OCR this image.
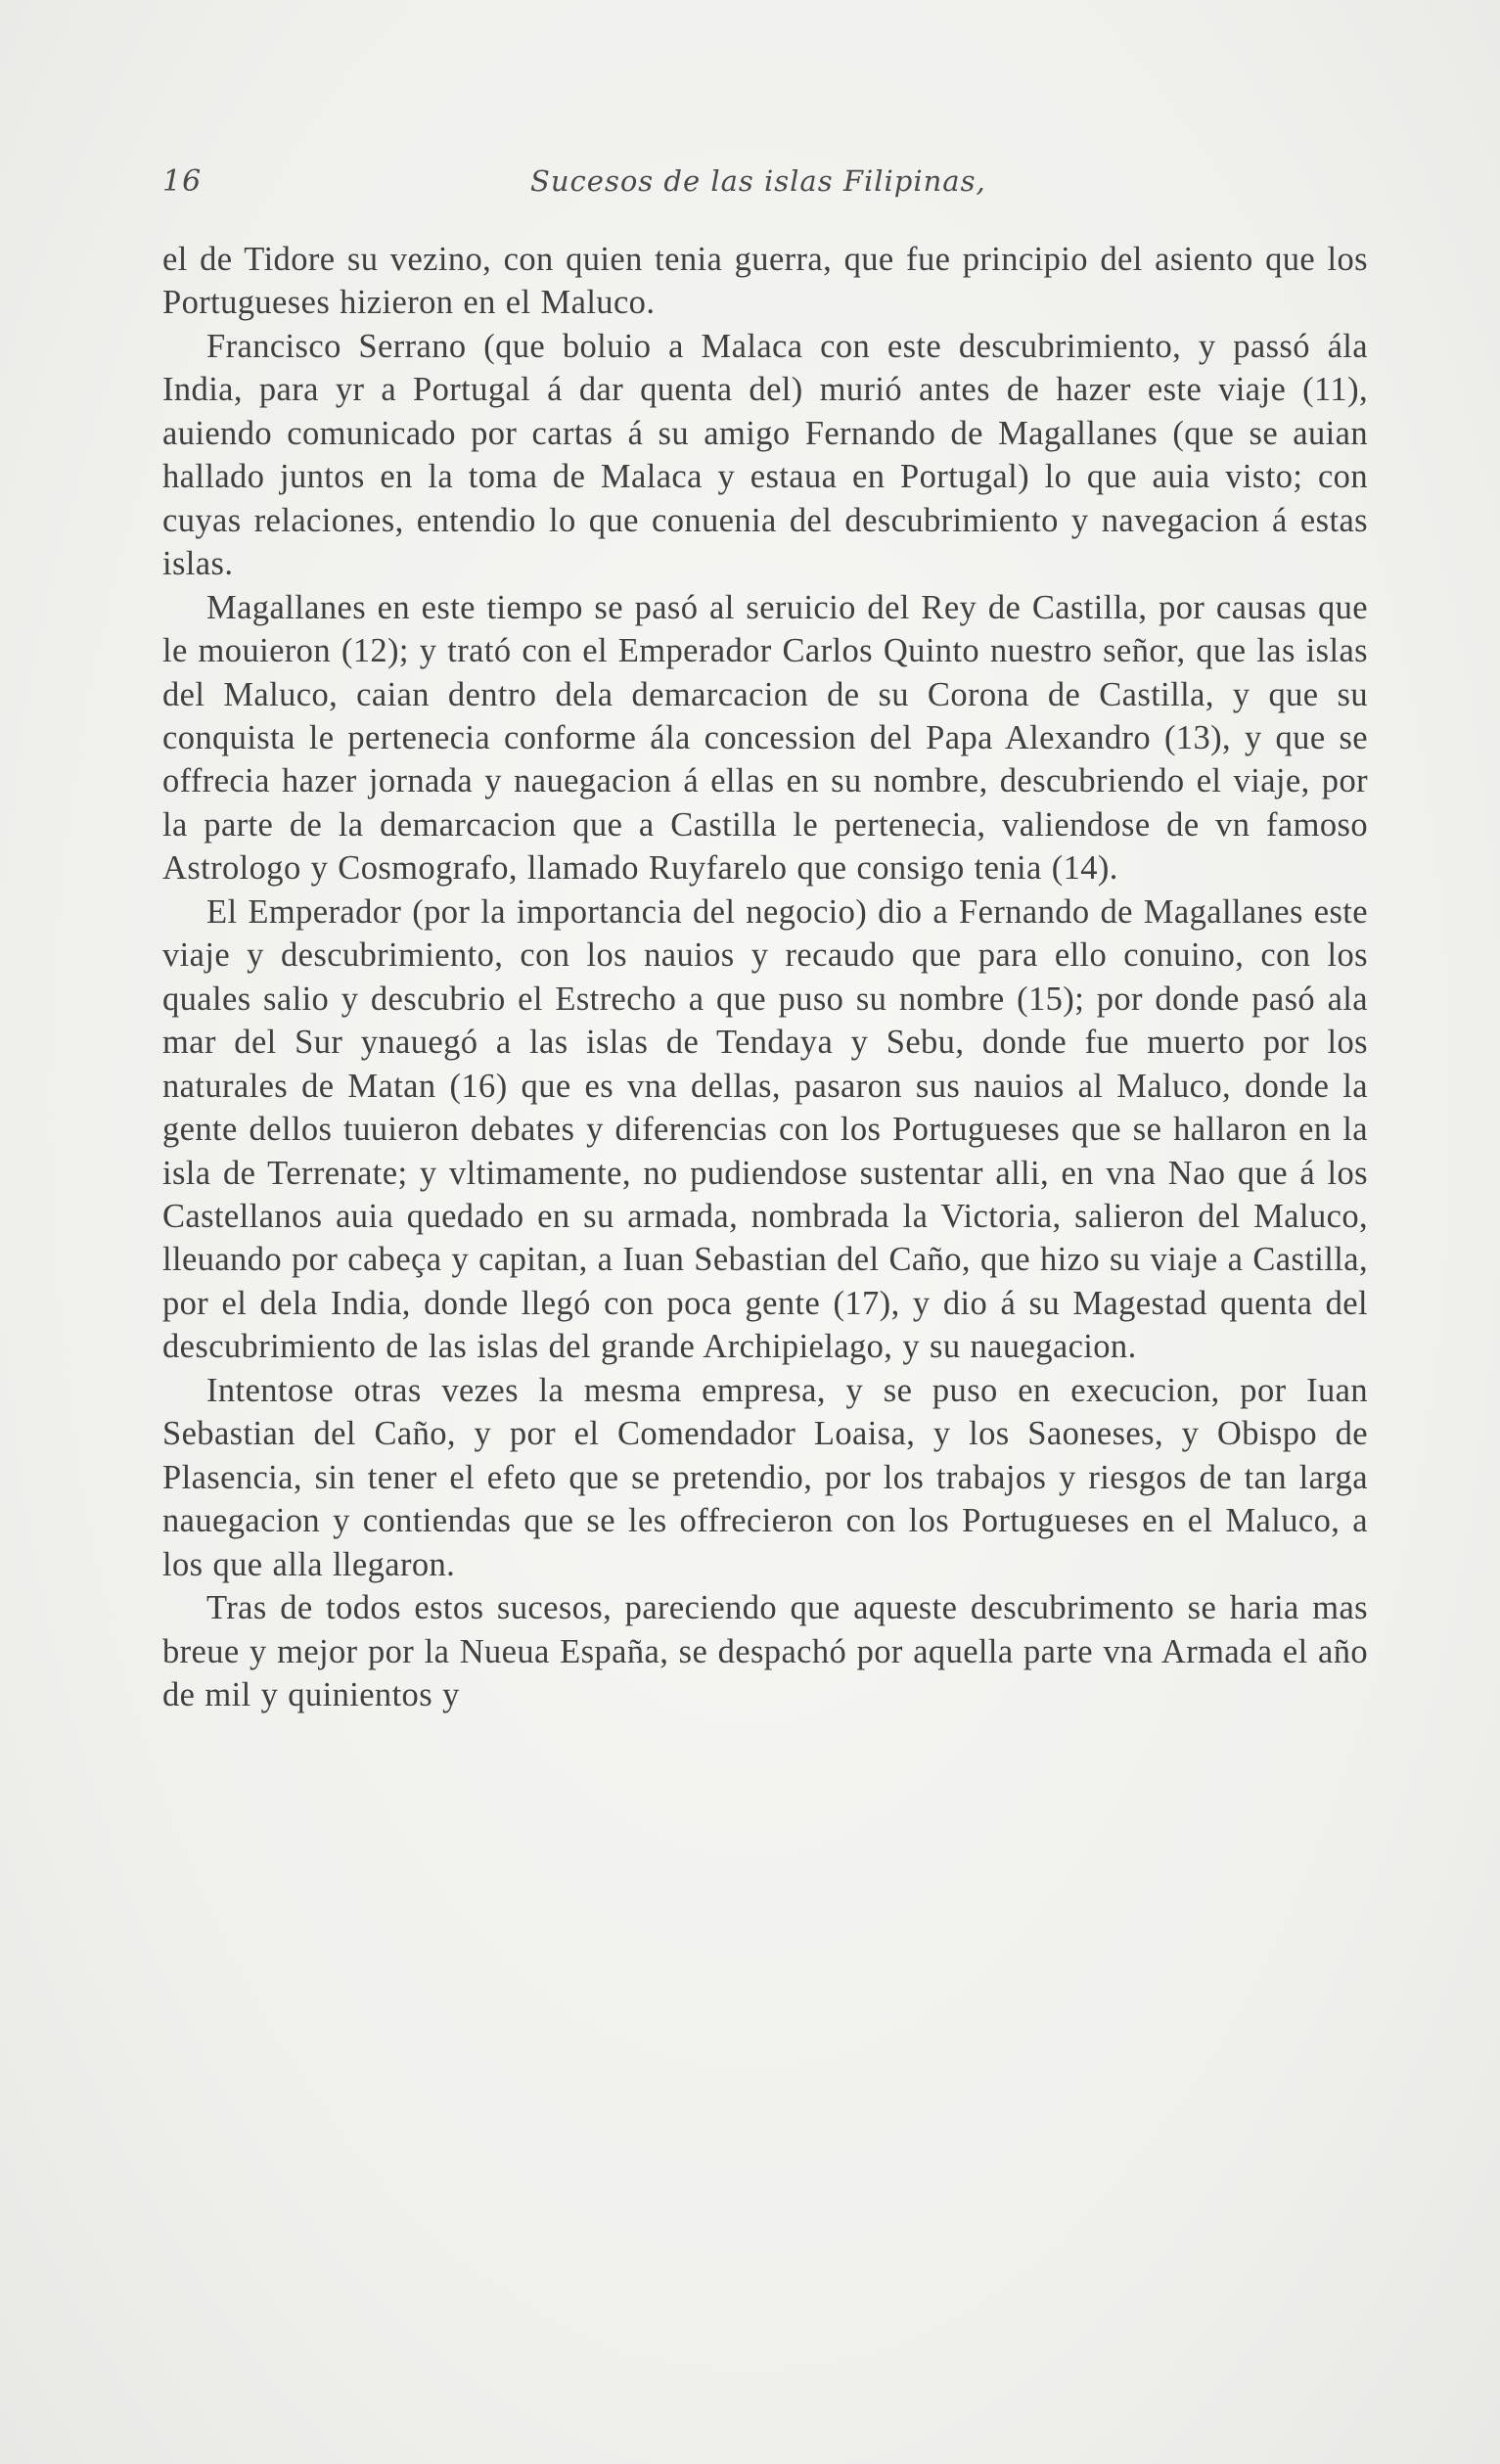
16	Sucesos de las islas Filipinas,

el de Tidore su vezino, con quien tenia guerra, que fue principio del asiento que los Portugueses hizieron en el Maluco.

Francisco Serrano (que boluio a Malaca con este descubrimiento, y passó ála India, para yr a Portugal á dar quenta del) murió antes de hazer este viaje (11), auiendo comunicado por cartas á su amigo Fernando de Magallanes (que se auian hallado juntos en la toma de Malaca y estaua en Portugal) lo que auia visto; con cuyas relaciones, entendio lo que conuenia del descubrimiento y navegacion á estas islas.

Magallanes en este tiempo se pasó al seruicio del Rey de Castilla, por causas que le mouieron (12); y trató con el Emperador Carlos Quinto nuestro señor, que las islas del Maluco, caian dentro dela demarcacion de su Corona de Castilla, y que su conquista le pertenecia conforme ála concession del Papa Alexandro (13), y que se offrecia hazer jornada y nauegacion á ellas en su nombre, descubriendo el viaje, por la parte de la demarcacion que a Castilla le pertenecia, valiendose de vn famoso Astrologo y Cosmografo, llamado Ruyfarelo que consigo tenia (14).

El Emperador (por la importancia del negocio) dio a Fernando de Magallanes este viaje y descubrimiento, con los nauios y recaudo que para ello conuino, con los quales salio y descubrio el Estrecho a que puso su nombre (15); por donde pasó ala mar del Sur ynauegó a las islas de Tendaya y Sebu, donde fue muerto por los naturales de Matan (16) que es vna dellas, pasaron sus nauios al Maluco, donde la gente dellos tuuieron debates y diferencias con los Portugueses que se hallaron en la isla de Terrenate; y vltimamente, no pudiendose sustentar alli, en vna Nao que á los Castellanos auia quedado en su armada, nombrada la Victoria, salieron del Maluco, lleuando por cabeça y capitan, a Iuan Sebastian del Caño, que hizo su viaje a Castilla, por el dela India, donde llegó con poca gente (17), y dio á su Magestad quenta del descubrimiento de las islas del grande Archipielago, y su nauegacion.

Intentose otras vezes la mesma empresa, y se puso en execucion, por Iuan Sebastian del Caño, y por el Comendador Loaisa, y los Saoneses, y Obispo de Plasencia, sin tener el efeto que se pretendio, por los trabajos y riesgos de tan larga nauegacion y contiendas que se les offrecieron con los Portugueses en el Maluco, a los que alla llegaron.

Tras de todos estos sucesos, pareciendo que aqueste descubrimento se haria mas breue y mejor por la Nueua España, se despachó por aquella parte vna Armada el año de mil y quinientos y
